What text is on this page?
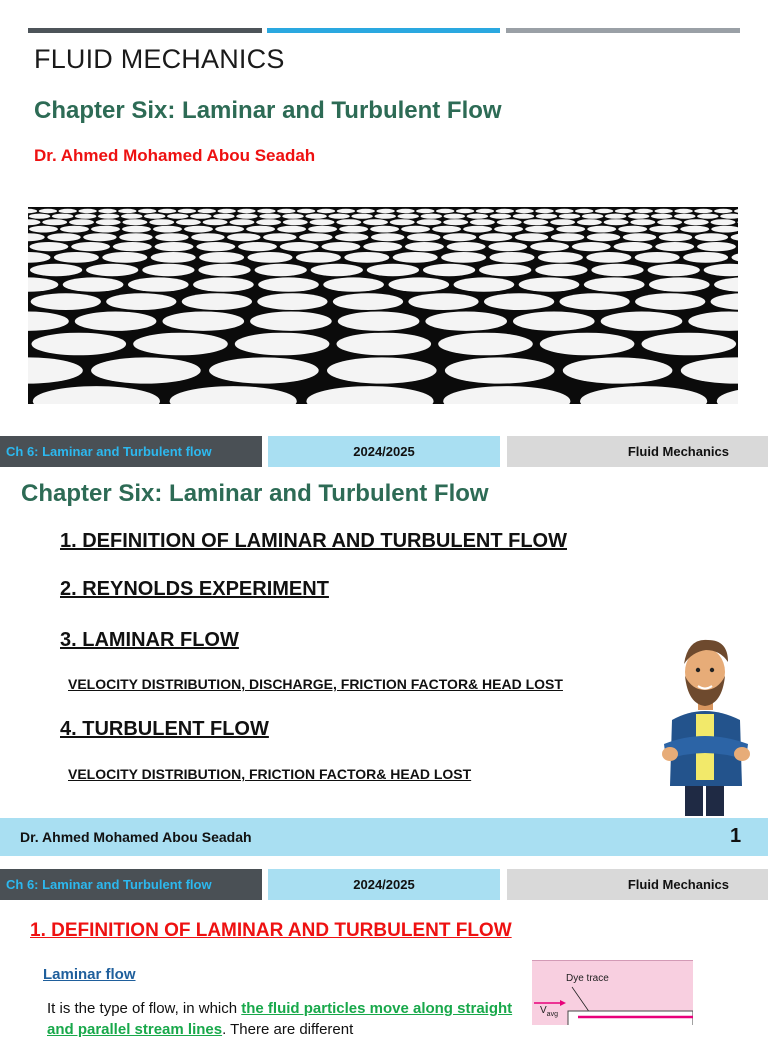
FLUID MECHANICS
Chapter Six: Laminar and Turbulent Flow
Dr. Ahmed Mohamed Abou Seadah
Ch 6: Laminar and Turbulent flow	2024/2025	Fluid Mechanics
Chapter Six: Laminar and Turbulent Flow
1. DEFINITION OF LAMINAR AND TURBULENT FLOW
2. REYNOLDS EXPERIMENT
3. LAMINAR FLOW
VELOCITY DISTRIBUTION, DISCHARGE, FRICTION FACTOR& HEAD LOST
4. TURBULENT FLOW
VELOCITY DISTRIBUTION, FRICTION FACTOR& HEAD LOST
Dr. Ahmed Mohamed Abou Seadah	1
Ch 6: Laminar and Turbulent flow	2024/2025	Fluid Mechanics
1. DEFINITION OF LAMINAR AND TURBULENT FLOW
Laminar flow
It is the type of flow, in which the fluid particles move along straight and parallel stream lines. There are different
Dye trace
$V_{avg}$
